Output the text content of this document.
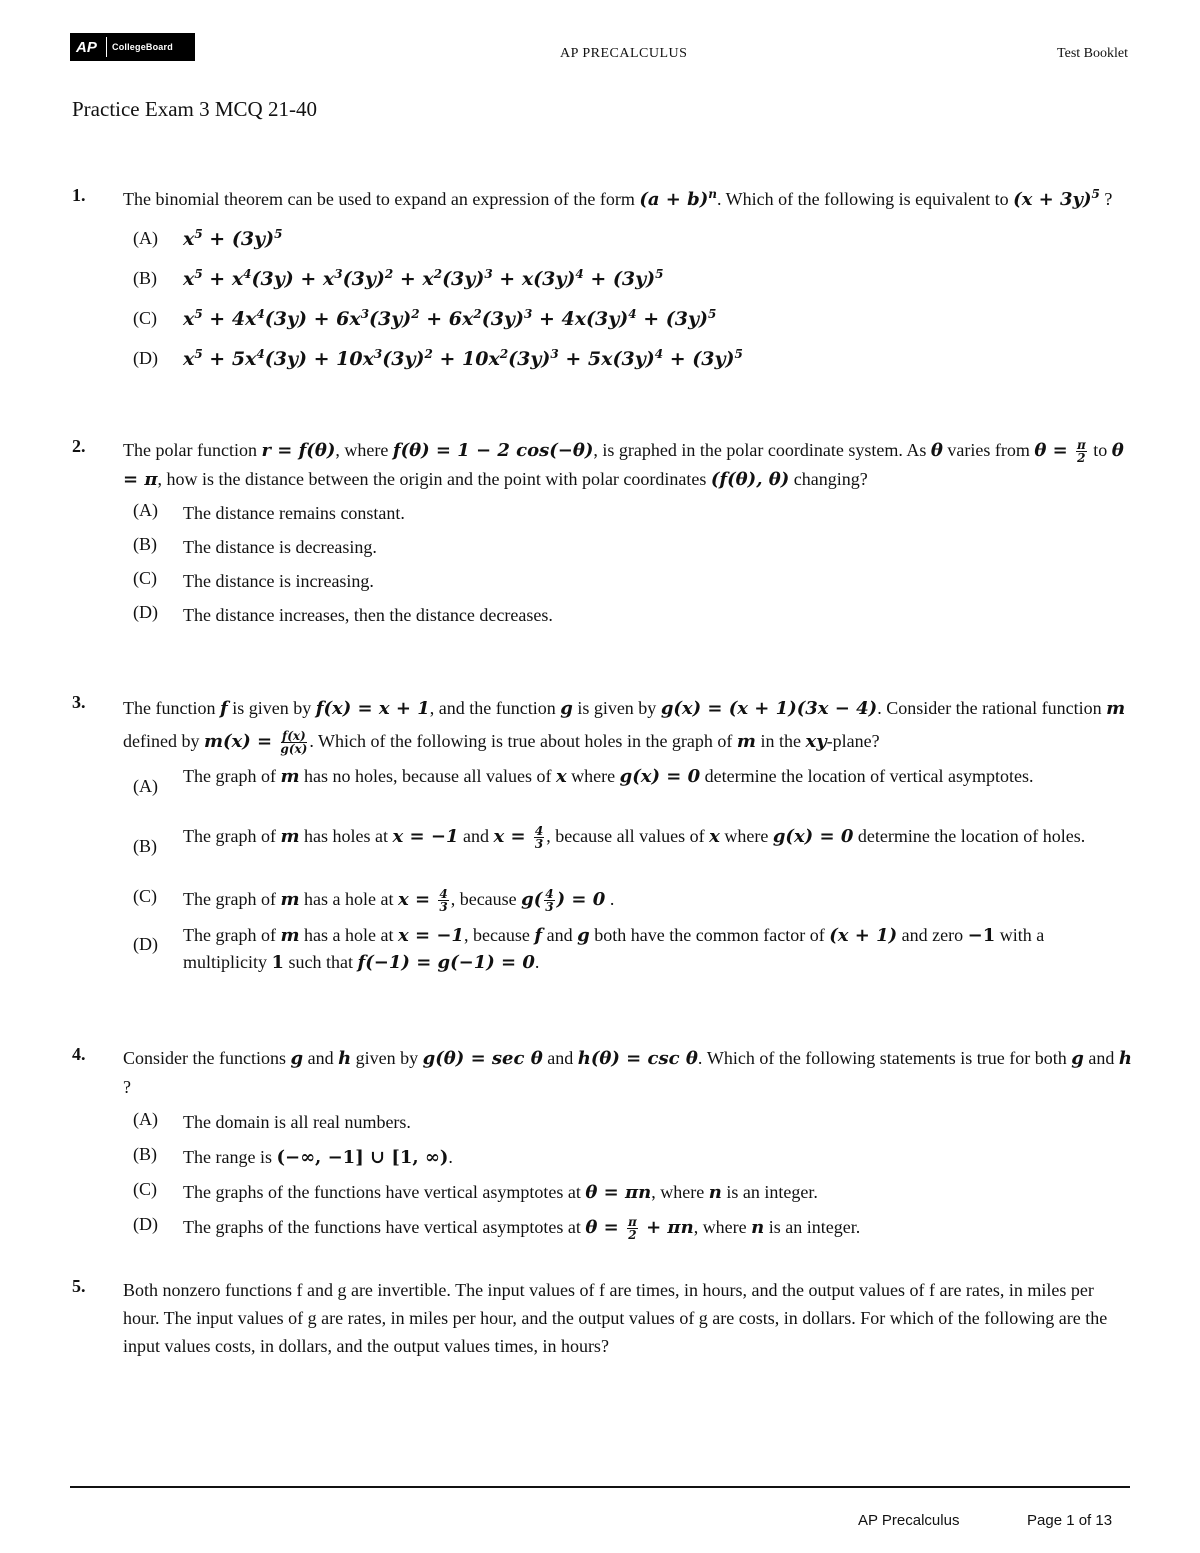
AP	CollegeBoard	AP PRECALCULUS	Test Booklet
Practice Exam 3 MCQ 21-40
1. The binomial theorem can be used to expand an expression of the form $(a + b)^n$. Which of the following is equivalent to $(x + 3y)^5$ ?
(A) $x^5 + (3y)^5$
(B) $x^5 + x^4(3y) + x^3(3y)^2 + x^2(3y)^3 + x(3y)^4 + (3y)^5$
(C) $x^5 + 4x^4(3y) + 6x^3(3y)^2 + 6x^2(3y)^3 + 4x(3y)^4 + (3y)^5$
(D) $x^5 + 5x^4(3y) + 10x^3(3y)^2 + 10x^2(3y)^3 + 5x(3y)^4 + (3y)^5$
2. The polar function r = f(θ), where f(θ) = 1 − 2 cos(−θ), is graphed in the polar coordinate system. As θ varies from $\theta = \frac{\pi}{2}$ to θ = π, how is the distance between the origin and the point with polar coordinates (f(θ), θ) changing?
(A) The distance remains constant.
(B) The distance is decreasing.
(C) The distance is increasing.
(D) The distance increases, then the distance decreases.
3. The function f is given by f(x) = x + 1, and the function g is given by g(x) = (x + 1)(3x − 4). Consider the rational function m defined by $m(x) = \frac{f(x)}{g(x)}$ . Which of the following is true about holes in the graph of m in the xy-plane?
(A) The graph of m has no holes, because all values of x where g(x) = 0 determine the location of vertical asymptotes.
(B) The graph of m has holes at x = −1 and $x = \frac{4}{3}$ , because all values of x where g(x) = 0 determine the location of holes.
(C) The graph of m has a hole at $x = \frac{4}{3}$ , because $g( \frac{4}{3}$ ) = 0 .
(D) The graph of m has a hole at x = −1, because f and g both have the common factor of (x + 1) and zero −1 with a multiplicity 1 such that f(−1) = g(−1) = 0.
4. Consider the functions g and h given by g(θ) = sec θ and h(θ) = csc θ. Which of the following statements is true for both g and h ?
(A) The domain is all real numbers.
(B) The range is (−∞, −1] ∪ [1, ∞).
(C) The graphs of the functions have vertical asymptotes at θ = πn, where n is an integer.
(D) The graphs of the functions have vertical asymptotes at $\theta = \frac{\pi}{2} + \pi n$, where n is an integer.
5. Both nonzero functions f and g are invertible. The input values of f are times, in hours, and the output values of f are rates, in miles per hour. The input values of g are rates, in miles per hour, and the output values of g are costs, in dollars. For which of the following are the input values costs, in dollars, and the output values times, in hours?
AP Precalculus	Page 1 of 13
